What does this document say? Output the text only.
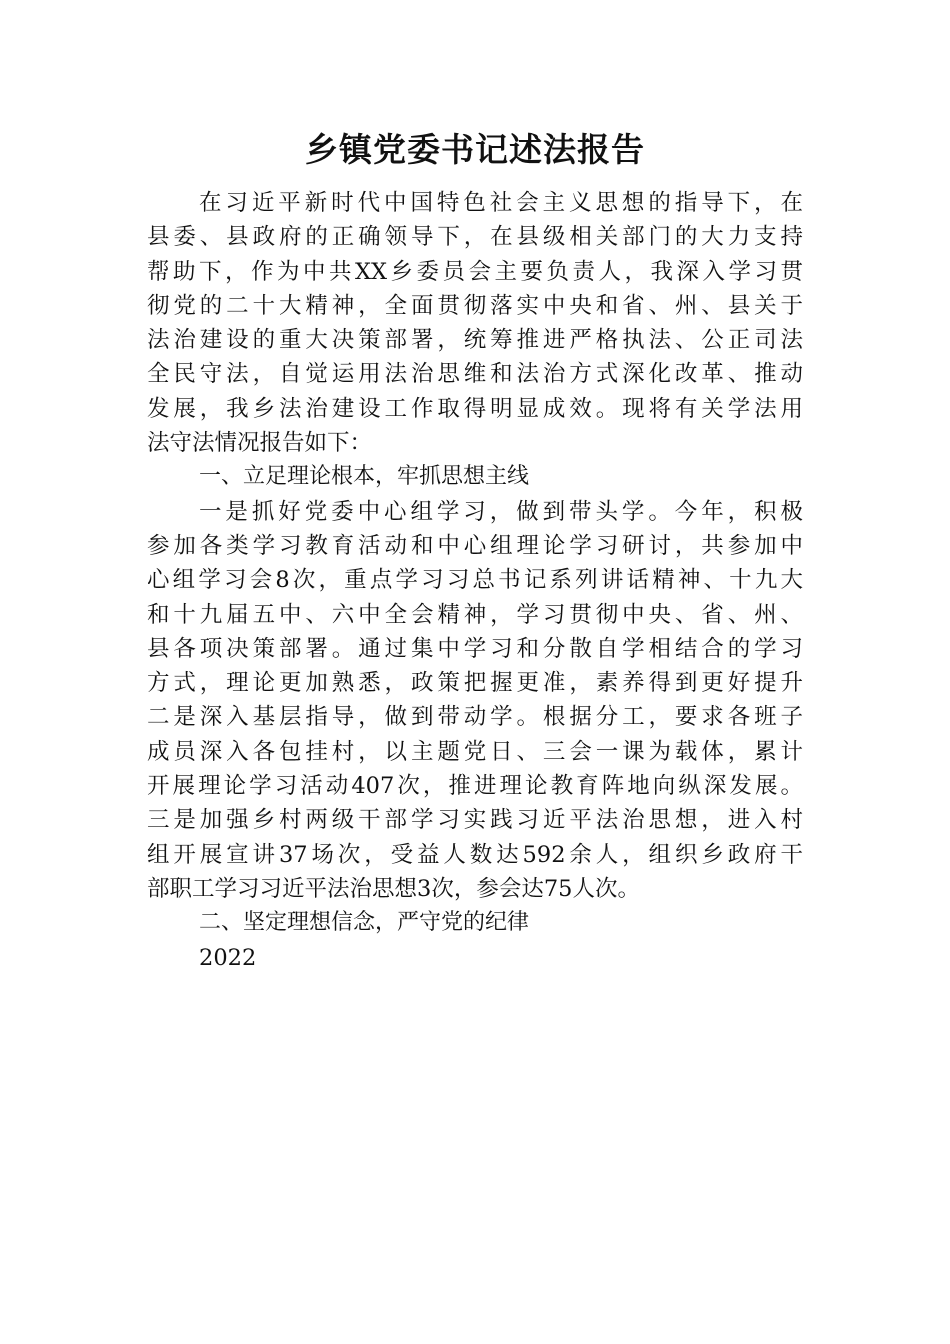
乡镇党委书记述法报告
在习近平新时代中国特色社会主义思想的指导下，在
县委、县政府的正确领导下，在县级相关部门的大力支持
帮助下，作为中共XX乡委员会主要负责人，我深入学习贯
彻党的二十大精神，全面贯彻落实中央和省、州、县关于
法治建设的重大决策部署，统筹推进严格执法、公正司法
全民守法，自觉运用法治思维和法治方式深化改革、推动
发展，我乡法治建设工作取得明显成效。现将有关学法用
法守法情况报告如下：
一、立足理论根本，牢抓思想主线
一是抓好党委中心组学习，做到带头学。今年，积极
参加各类学习教育活动和中心组理论学习研讨，共参加中
心组学习会8次，重点学习习总书记系列讲话精神、十九大
和十九届五中、六中全会精神，学习贯彻中央、省、州、
县各项决策部署。通过集中学习和分散自学相结合的学习
方式，理论更加熟悉，政策把握更准，素养得到更好提升
二是深入基层指导，做到带动学。根据分工，要求各班子
成员深入各包挂村，以主题党日、三会一课为载体，累计
开展理论学习活动407次，推进理论教育阵地向纵深发展。
三是加强乡村两级干部学习实践习近平法治思想，进入村
组开展宣讲37场次，受益人数达592余人，组织乡政府干
部职工学习习近平法治思想3次，参会达75人次。
二、坚定理想信念，严守党的纪律
2022
